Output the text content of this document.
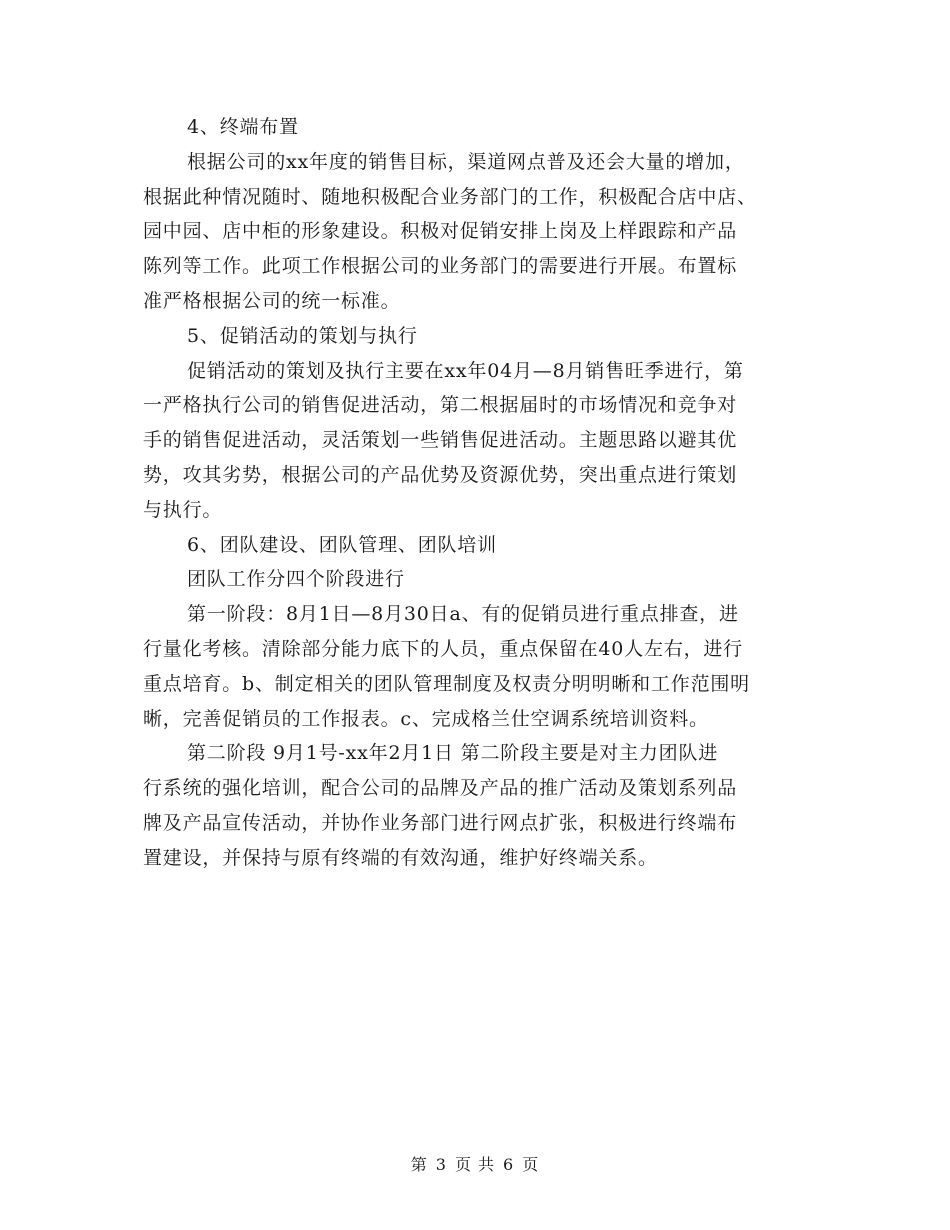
4、终端布置
根据公司的xx年度的销售目标，渠道网点普及还会大量的增加，
根据此种情况随时、随地积极配合业务部门的工作，积极配合店中店、
园中园、店中柜的形象建设。积极对促销安排上岗及上样跟踪和产品
陈列等工作。此项工作根据公司的业务部门的需要进行开展。布置标
准严格根据公司的统一标准。
5、促销活动的策划与执行
促销活动的策划及执行主要在xx年04月—8月销售旺季进行，第
一严格执行公司的销售促进活动，第二根据届时的市场情况和竞争对
手的销售促进活动，灵活策划一些销售促进活动。主题思路以避其优
势，攻其劣势，根据公司的产品优势及资源优势，突出重点进行策划
与执行。
6、团队建设、团队管理、团队培训
团队工作分四个阶段进行
第一阶段：8月1日—8月30日a、有的促销员进行重点排查，进
行量化考核。清除部分能力底下的人员，重点保留在40人左右，进行
重点培育。b、制定相关的团队管理制度及权责分明明晰和工作范围明
晰，完善促销员的工作报表。c、完成格兰仕空调系统培训资料。
第二阶段 9月1号-xx年2月1日 第二阶段主要是对主力团队进
行系统的强化培训，配合公司的品牌及产品的推广活动及策划系列品
牌及产品宣传活动，并协作业务部门进行网点扩张，积极进行终端布
置建设，并保持与原有终端的有效沟通，维护好终端关系。
第 3 页 共 6 页
